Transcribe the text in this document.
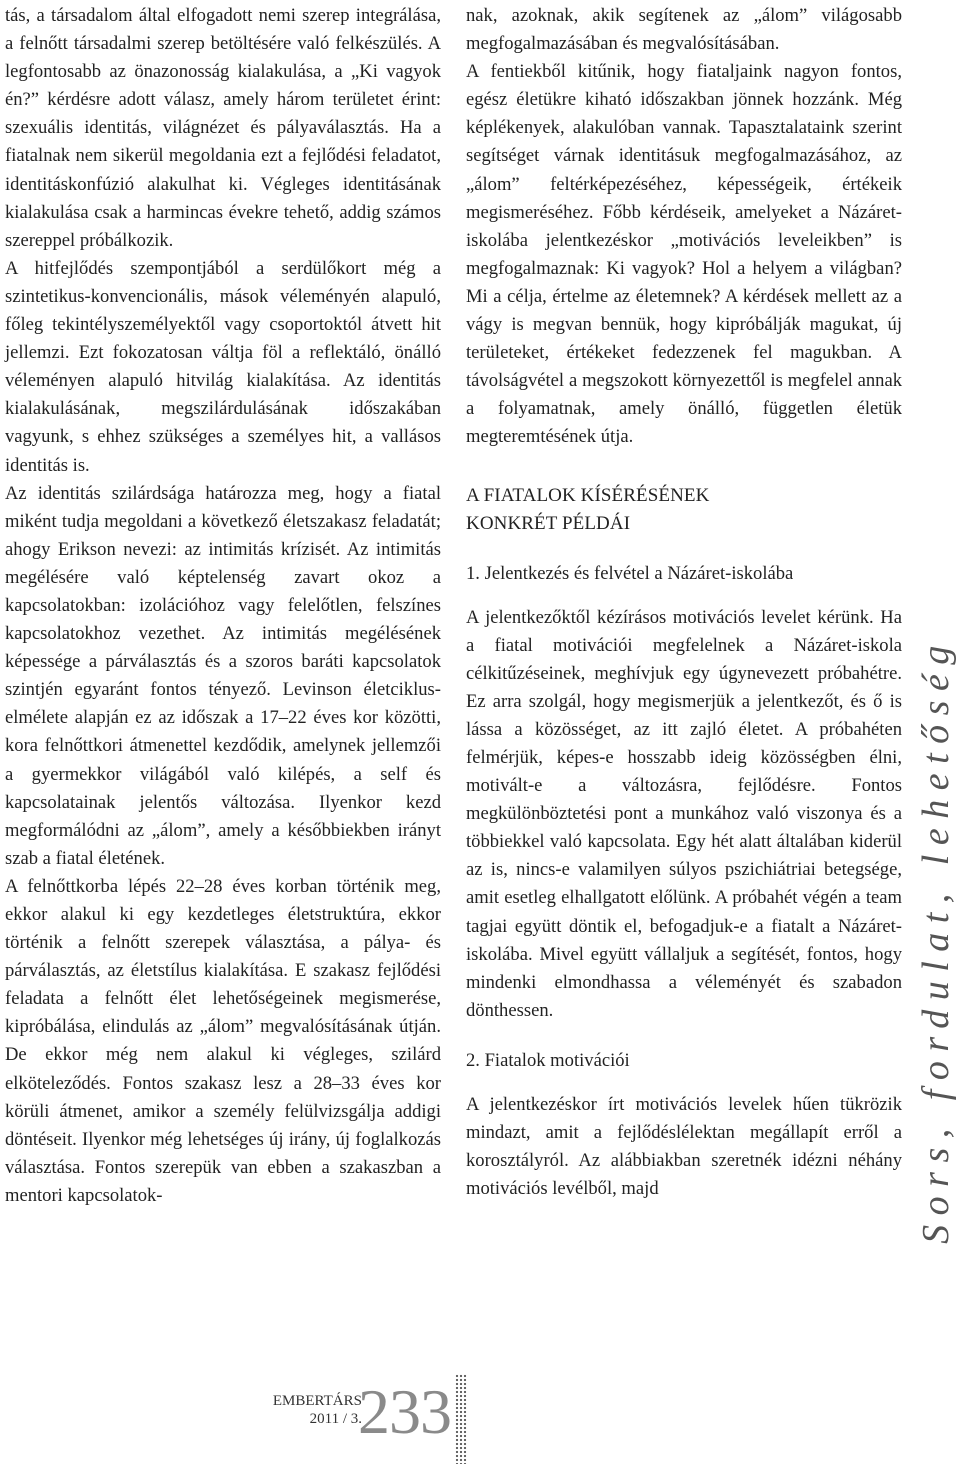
tás, a társadalom által elfogadott nemi szerep integrálása, a felnőtt társadalmi szerep betöltésére való felkészülés. A legfontosabb az önazonosság kialakulása, a „Ki vagyok én?” kérdésre adott válasz, amely három területet érint: szexuális identitás, világnézet és pályaválasztás. Ha a fiatalnak nem sikerül megoldania ezt a fejlődési feladatot, identitáskonfúzió alakulhat ki. Végleges identitásának kialakulása csak a harmincas évekre tehető, addig számos szereppel próbálkozik.

A hitfejlődés szempontjából a serdülőkort még a szintetikus-konvencionális, mások véleményén alapuló, főleg tekintélyszemélyektől vagy csoportoktól átvett hit jellemzi. Ezt fokozatosan váltja föl a reflektáló, önálló véleményen alapuló hitvilág kialakítása. Az identitás kialakulásának, megszilárdulásának időszakában vagyunk, s ehhez szükséges a személyes hit, a vallásos identitás is.

Az identitás szilárdsága határozza meg, hogy a fiatal miként tudja megoldani a következő életszakasz feladatát; ahogy Erikson nevezi: az intimitás krízisét. Az intimitás megélésére való képtelenség zavart okoz a kapcsolatokban: izolációhoz vagy felelőtlen, felszínes kapcsolatokhoz vezethet. Az intimitás megélésének képessége a párválasztás és a szoros baráti kapcsolatok szintjén egyaránt fontos tényező. Levinson életciklus-elmélete alapján ez az időszak a 17–22 éves kor közötti, kora felnőttkori átmenettel kezdődik, amelynek jellemzői a gyermekkor világából való kilépés, a self és kapcsolatainak jelentős változása. Ilyenkor kezd megformálódni az „álom”, amely a későbbiekben irányt szab a fiatal életének.

A felnőttkorba lépés 22–28 éves korban történik meg, ekkor alakul ki egy kezdetleges életstruktúra, ekkor történik a felnőtt szerepek választása, a pálya- és párválasztás, az életstílus kialakítása. E szakasz fejlődési feladata a felnőtt élet lehetőségeinek megismerése, kipróbálása, elindulás az „álom” megvalósításának útján. De ekkor még nem alakul ki végleges, szilárd elköteleződés. Fontos szakasz lesz a 28–33 éves kor körüli átmenet, amikor a személy felülvizsgálja addigi döntéseit. Ilyenkor még lehetséges új irány, új foglalkozás választása. Fontos szerepük van ebben a szakaszban a mentori kapcsolatok-

nak, azoknak, akik segítenek az „álom” világosabb megfogalmazásában és megvalósításában.

A fentiekből kitűnik, hogy fiataljaink nagyon fontos, egész életükre kiható időszakban jönnek hozzánk. Még képlékenyek, alakulóban vannak. Tapasztalataink szerint segítséget várnak identitásuk megfogalmazásához, az „álom” feltérképezéséhez, képességeik, értékeik megismeréséhez. Főbb kérdéseik, amelyeket a Názáret-iskolába jelentkezéskor „motivációs leveleikben” is megfogalmaznak: Ki vagyok? Hol a helyem a világban? Mi a célja, értelme az életemnek? A kérdések mellett az a vágy is megvan bennük, hogy kipróbálják magukat, új területeket, értékeket fedezzenek fel magukban. A távolságvétel a megszokott környezettől is megfelel annak a folyamatnak, amely önálló, független életük megteremtésének útja.

A FIATALOK KÍSÉRÉSÉNEK
KONKRÉT PÉLDÁI
1. Jelentkezés és felvétel a Názáret-iskolába

A jelentkezőktől kézírásos motivációs levelet kérünk. Ha a fiatal motivációi megfelelnek a Názáret-iskola célkitűzéseinek, meghívjuk egy úgynevezett próbahétre. Ez arra szolgál, hogy megismerjük a jelentkezőt, és ő is lássa a közösséget, az itt zajló életet. A próbahéten felmérjük, képes-e hosszabb ideig közösségben élni, motivált-e a változásra, fejlődésre. Fontos megkülönböztetési pont a munkához való viszonya és a többiekkel való kapcsolata. Egy hét alatt általában kiderül az is, nincs-e valamilyen súlyos pszichiátriai betegsége, amit esetleg elhallgatott előlünk. A próbahét végén a team tagjai együtt döntik el, befogadjuk-e a fiatalt a Názáret-iskolába. Mivel együtt vállaljuk a segítését, fontos, hogy mindenki elmondhassa a véleményét és szabadon dönthessen.

2. Fiatalok motivációi

A jelentkezéskor írt motivációs levelek hűen tükrözik mindazt, amit a fejlődéslélektan megállapít erről a korosztályról. Az alábbiakban szeretnék idézni néhány motivációs levélből, majd	Sors, fordulat, lehetőség
EMBERTÁRS
2011 / 3.
233
